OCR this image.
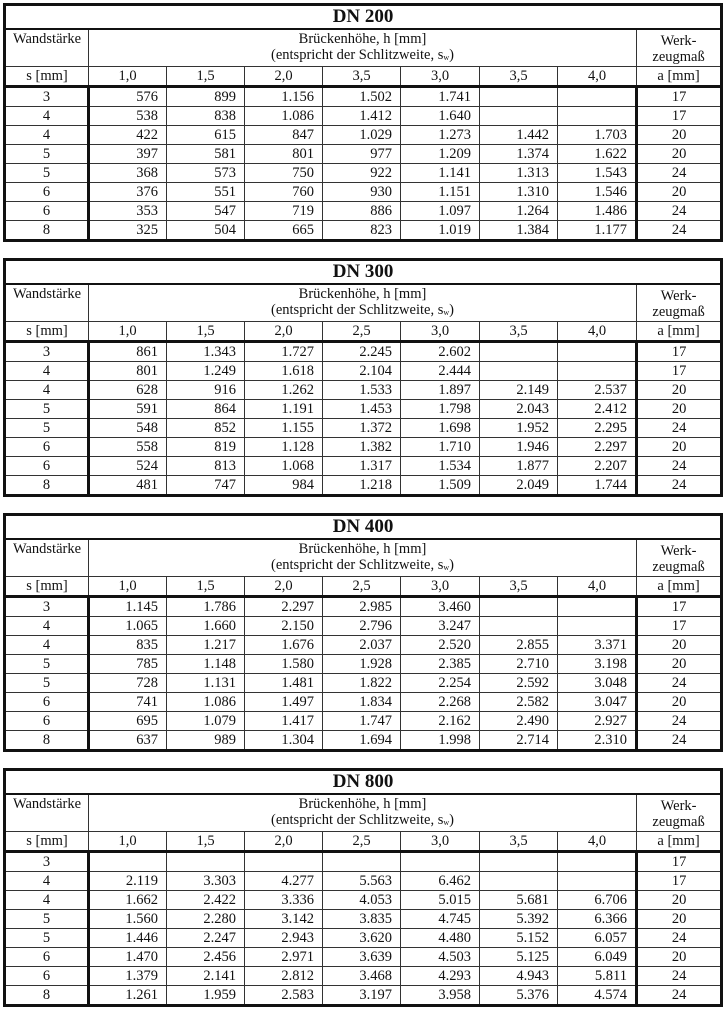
DN 200								
Wandstärke	Brückenhöhe, h [mm]
(entspricht der Schlitzweite, $s_w$)							Werk-
zeugmaß
s [mm]	1,0	1,5	2,0	3,5	3,0	3,5	4,0	a [mm]
3	576	899	1.156	1.502	1.741			17
4	538	838	1.086	1.412	1.640			17
4	422	615	847	1.029	1.273	1.442	1.703	20
5	397	581	801	977	1.209	1.374	1.622	20
5	368	573	750	922	1.141	1.313	1.543	24
6	376	551	760	930	1.151	1.310	1.546	20
6	353	547	719	886	1.097	1.264	1.486	24
8	325	504	665	823	1.019	1.384	1.177	24
DN 300								
Wandstärke	Brückenhöhe, h [mm]
(entspricht der Schlitzweite, $s_w$)							Werk-
zeugmaß
s [mm]	1,0	1,5	2,0	2,5	3,0	3,5	4,0	a [mm]
3	861	1.343	1.727	2.245	2.602			17
4	801	1.249	1.618	2.104	2.444			17
4	628	916	1.262	1.533	1.897	2.149	2.537	20
5	591	864	1.191	1.453	1.798	2.043	2.412	20
5	548	852	1.155	1.372	1.698	1.952	2.295	24
6	558	819	1.128	1.382	1.710	1.946	2.297	20
6	524	813	1.068	1.317	1.534	1.877	2.207	24
8	481	747	984	1.218	1.509	2.049	1.744	24
DN 400								
Wandstärke	Brückenhöhe, h [mm]
(entspricht der Schlitzweite, $s_w$)							Werk-
zeugmaß
s [mm]	1,0	1,5	2,0	2,5	3,0	3,5	4,0	a [mm]
3	1.145	1.786	2.297	2.985	3.460			17
4	1.065	1.660	2.150	2.796	3.247			17
4	835	1.217	1.676	2.037	2.520	2.855	3.371	20
5	785	1.148	1.580	1.928	2.385	2.710	3.198	20
5	728	1.131	1.481	1.822	2.254	2.592	3.048	24
6	741	1.086	1.497	1.834	2.268	2.582	3.047	20
6	695	1.079	1.417	1.747	2.162	2.490	2.927	24
8	637	989	1.304	1.694	1.998	2.714	2.310	24
DN 800								
Wandstärke	Brückenhöhe, h [mm]
(entspricht der Schlitzweite, $s_w$)							Werk-
zeugmaß
s [mm]	1,0	1,5	2,0	2,5	3,0	3,5	4,0	a [mm]
3								17
4	2.119	3.303	4.277	5.563	6.462			17
4	1.662	2.422	3.336	4.053	5.015	5.681	6.706	20
5	1.560	2.280	3.142	3.835	4.745	5.392	6.366	20
5	1.446	2.247	2.943	3.620	4.480	5.152	6.057	24
6	1.470	2.456	2.971	3.639	4.503	5.125	6.049	20
6	1.379	2.141	2.812	3.468	4.293	4.943	5.811	24
8	1.261	1.959	2.583	3.197	3.958	5.376	4.574	24
